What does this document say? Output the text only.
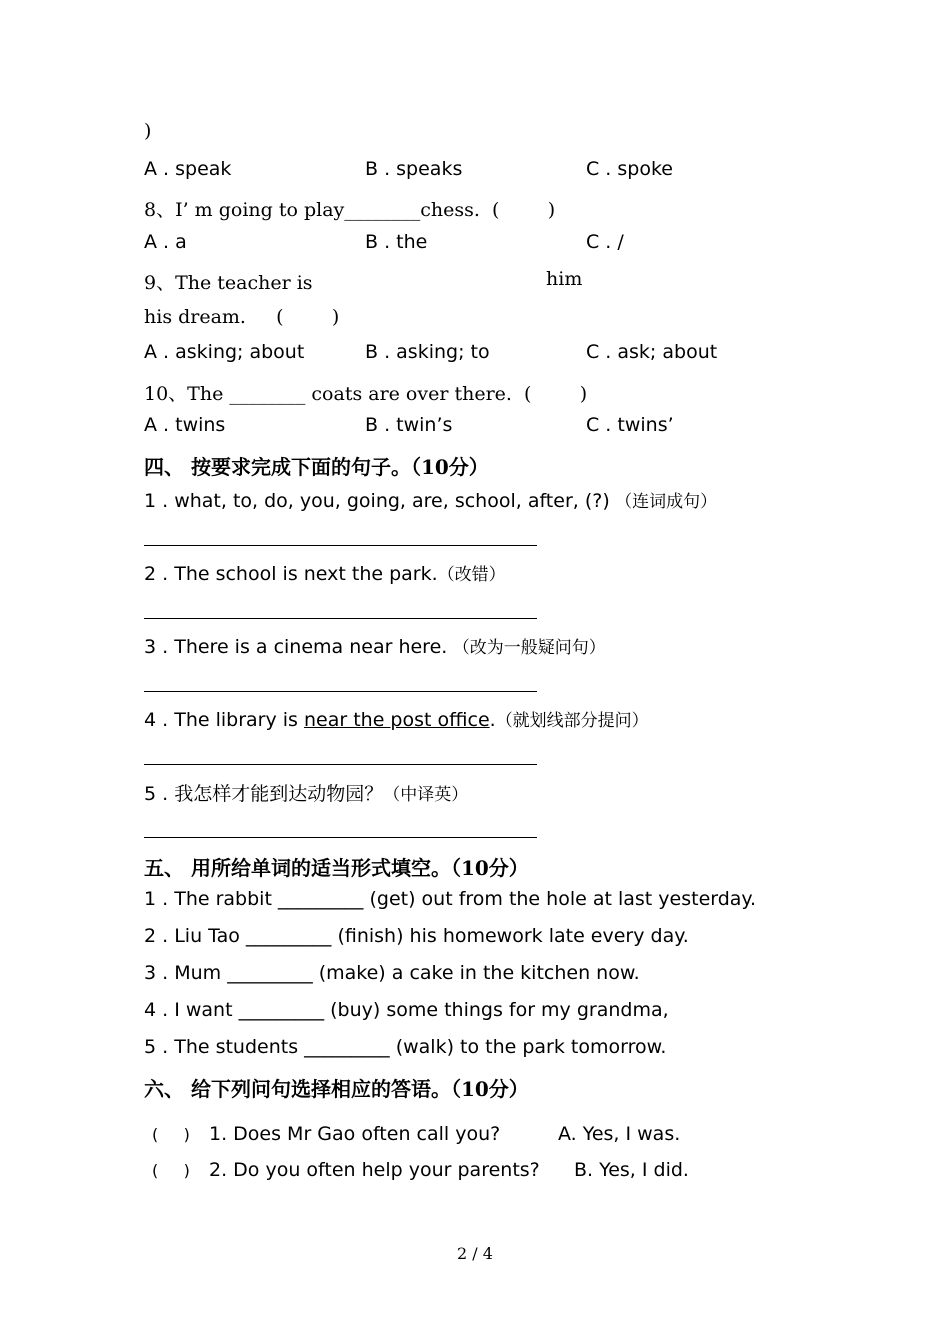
)
A . speak	B . speaks	C . spoke
8、I’ m going to play________chess.  (        )
A . a	B . the	C . /
9、The teacher is	him
his dream.     (        )
A . asking; about	B . asking; to	C . ask; about
10、The ________ coats are over there.  (        )
A . twins	B . twin’s	C . twins’
四、 按要求完成下面的句子。（10分）
1 . what, to, do, you, going, are, school, after, (?) （连词成句）
2 . The school is next the park.（改错）
3 . There is a cinema near here. （改为一般疑问句）
4 . The library is near the post office.（就划线部分提问）
5 . 我怎样才能到达动物园？（中译英）
五、 用所给单词的适当形式填空。（10分）
1 . The rabbit _________ (get) out from the hole at last yesterday.
2 . Liu Tao _________ (finish) his homework late every day.
3 . Mum _________ (make) a cake in the kitchen now.
4 . I want _________ (buy) some things for my grandma,
5 . The students _________ (walk) to the park tomorrow.
六、 给下列问句选择相应的答语。（10分）
(     ) 1. Does Mr Gao often call you?	A. Yes, I was.
(     ) 2. Do you often help your parents? B. Yes, I did.
2 / 4
